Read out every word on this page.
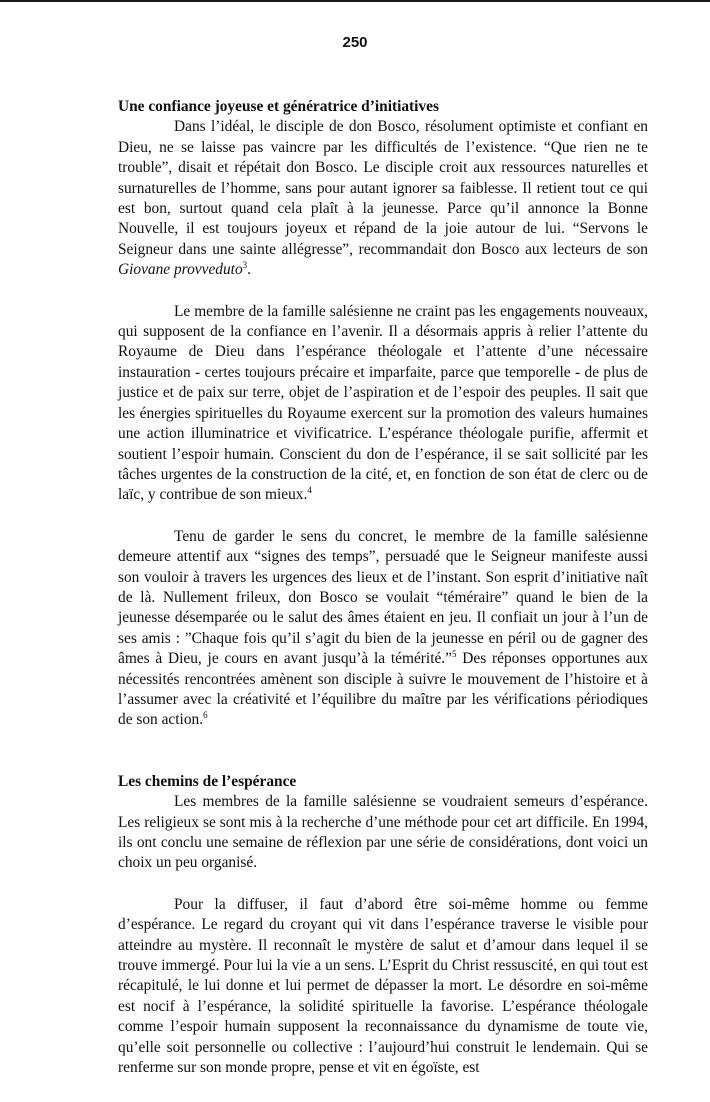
250
Une confiance joyeuse et génératrice d’initiatives

Dans l’idéal, le disciple de don Bosco, résolument optimiste et confiant en Dieu, ne se laisse pas vaincre par les difficultés de l’existence. “Que rien ne te trouble”, disait et répétait don Bosco. Le disciple croit aux ressources naturelles et surnaturelles de l’homme, sans pour autant ignorer sa faiblesse. Il retient tout ce qui est bon, surtout quand cela plaît à la jeunesse. Parce qu’il annonce la Bonne Nouvelle, il est toujours joyeux et répand de la joie autour de lui. “Servons le Seigneur dans une sainte allégresse”, recommandait don Bosco aux lecteurs de son Giovane provveduto$^3$.

Le membre de la famille salésienne ne craint pas les engagements nouveaux, qui supposent de la confiance en l’avenir. Il a désormais appris à relier l’attente du Royaume de Dieu dans l’espérance théologale et l’attente d’une nécessaire instauration - certes toujours précaire et imparfaite, parce que temporelle - de plus de justice et de paix sur terre, objet de l’aspiration et de l’espoir des peuples. Il sait que les énergies spirituelles du Royaume exercent sur la promotion des valeurs humaines une action illuminatrice et vivificatrice. L’espérance théologale purifie, affermit et soutient l’espoir humain. Conscient du don de l’espérance, il se sait sollicité par les tâches urgentes de la construction de la cité, et, en fonction de son état de clerc ou de laïc, y contribue de son mieux.$^4$

Tenu de garder le sens du concret, le membre de la famille salésienne demeure attentif aux “signes des temps”, persuadé que le Seigneur manifeste aussi son vouloir à travers les urgences des lieux et de l’instant. Son esprit d’initiative naît de là. Nullement frileux, don Bosco se voulait “téméraire” quand le bien de la jeunesse désemparée ou le salut des âmes étaient en jeu. Il confiait un jour à l’un de ses amis : ”Chaque fois qu’il s’agit du bien de la jeunesse en péril ou de gagner des âmes à Dieu, je cours en avant jusqu’à la témérité.”$^5$ Des réponses opportunes aux nécessités rencontrées amènent son disciple à suivre le mouvement de l’histoire et à l’assumer avec la créativité et l’équilibre du maître par les vérifications périodiques de son action.$^6$

Les chemins de l’espérance

Les membres de la famille salésienne se voudraient semeurs d’espérance. Les religieux se sont mis à la recherche d’une méthode pour cet art difficile. En 1994, ils ont conclu une semaine de réflexion par une série de considérations, dont voici un choix un peu organisé.

Pour la diffuser, il faut d’abord être soi-même homme ou femme d’espérance. Le regard du croyant qui vit dans l’espérance traverse le visible pour atteindre au mystère. Il reconnaît le mystère de salut et d’amour dans lequel il se trouve immergé. Pour lui la vie a un sens. L’Esprit du Christ ressuscité, en qui tout est récapitulé, le lui donne et lui permet de dépasser la mort. Le désordre en soi-même est nocif à l’espérance, la solidité spirituelle la favorise. L’espérance théologale comme l’espoir humain supposent la reconnaissance du dynamisme de toute vie, qu’elle soit personnelle ou collective : l’aujourd’hui construit le lendemain. Qui se renferme sur son monde propre, pense et vit en égoïste, est
